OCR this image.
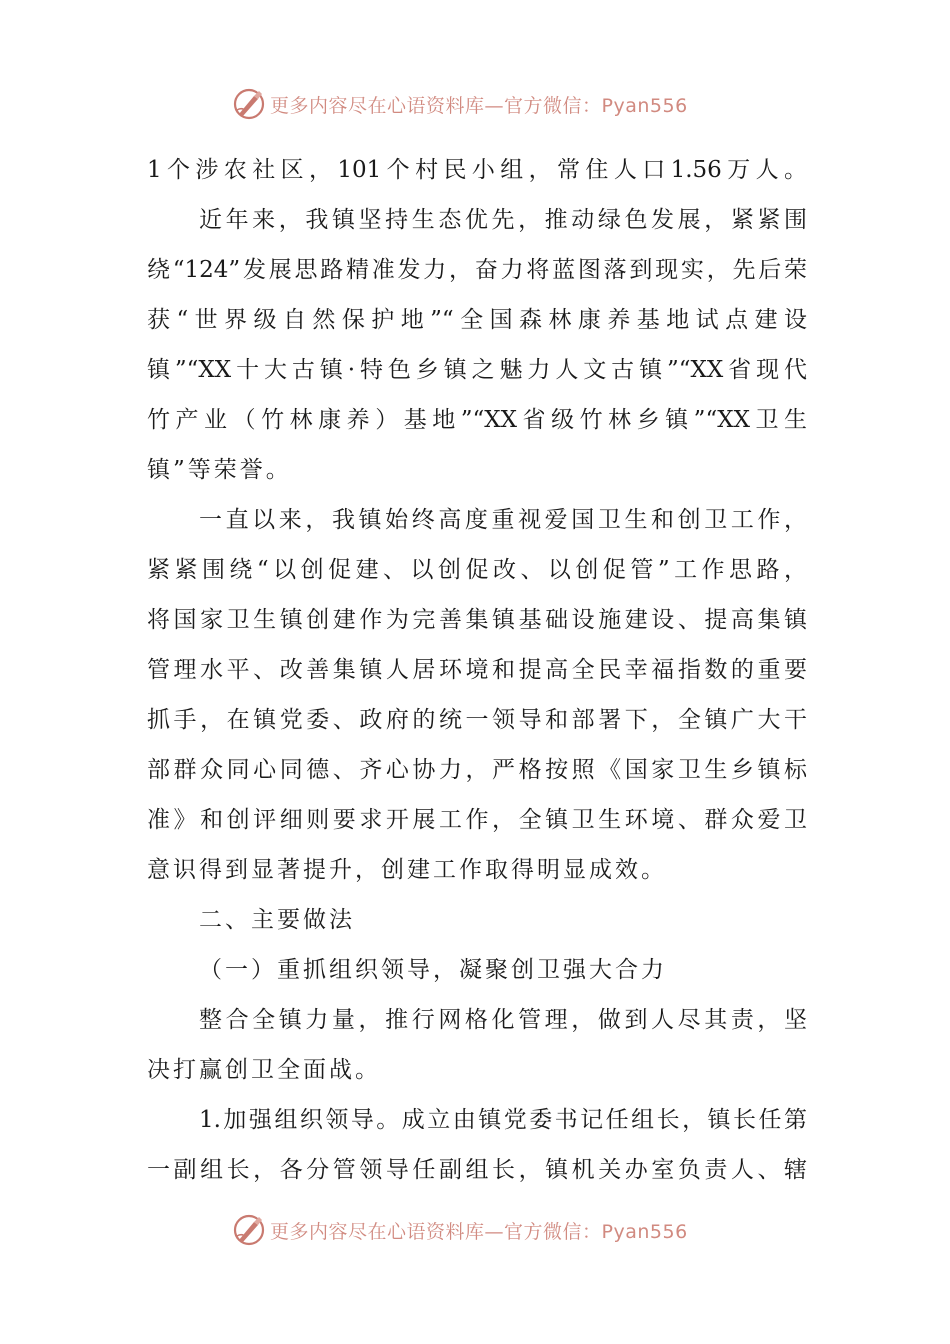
更多内容尽在心语资料库—官方微信：Pyan556
1个涉农社区，101个村民小组，常住人口1.56万人。
近年来，我镇坚持生态优先，推动绿色发展，紧紧围
绕“124”发展思路精准发力，奋力将蓝图落到现实，先后荣
获“世界级自然保护地”“全国森林康养基地试点建设
镇”“XX十大古镇·特色乡镇之魅力人文古镇”“XX省现代
竹产业（竹林康养）基地”“XX省级竹林乡镇”“XX卫生
镇”等荣誉。
一直以来，我镇始终高度重视爱国卫生和创卫工作，
紧紧围绕“以创促建、以创促改、以创促管”工作思路，
将国家卫生镇创建作为完善集镇基础设施建设、提高集镇
管理水平、改善集镇人居环境和提高全民幸福指数的重要
抓手，在镇党委、政府的统一领导和部署下，全镇广大干
部群众同心同德、齐心协力，严格按照《国家卫生乡镇标
准》和创评细则要求开展工作，全镇卫生环境、群众爱卫
意识得到显著提升，创建工作取得明显成效。
二、主要做法
（一）重抓组织领导，凝聚创卫强大合力
整合全镇力量，推行网格化管理，做到人尽其责，坚
决打赢创卫全面战。
1.加强组织领导。成立由镇党委书记任组长，镇长任第
一副组长，各分管领导任副组长，镇机关办室负责人、辖
更多内容尽在心语资料库—官方微信：Pyan556
